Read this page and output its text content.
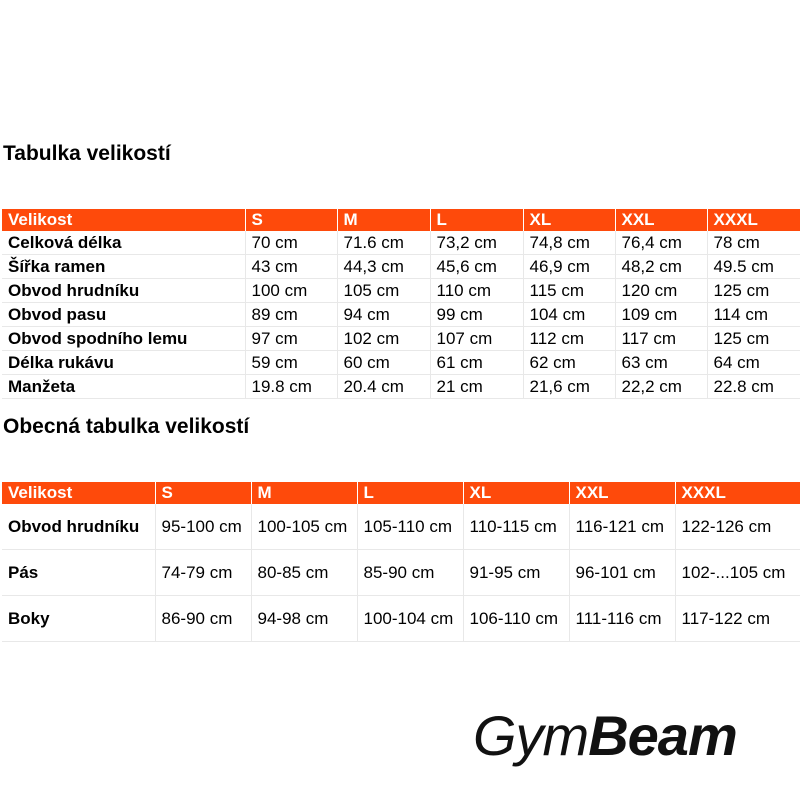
Tabulka velikostí
Velikost	S	M	L	XL	XXL	XXXL
Celková délka	70 cm	71.6 cm	73,2 cm	74,8 cm	76,4 cm	78 cm
Šířka ramen	43 cm	44,3 cm	45,6 cm	46,9 cm	48,2 cm	49.5 cm
Obvod hrudníku	100 cm	105 cm	110 cm	115 cm	120 cm	125 cm
Obvod pasu	89 cm	94 cm	99 cm	104 cm	109 cm	114 cm
Obvod spodního lemu	97 cm	102 cm	107 cm	112 cm	117 cm	125 cm
Délka rukávu	59 cm	60 cm	61 cm	62 cm	63 cm	64 cm
Manžeta	19.8 cm	20.4 cm	21 cm	21,6 cm	22,2 cm	22.8 cm
Obecná tabulka velikostí
Velikost	S	M	L	XL	XXL	XXXL
Obvod hrudníku	95-100 cm	100-105 cm	105-110 cm	110-115 cm	116-121 cm	122-126 cm
Pás	74-79 cm	80-85 cm	85-90 cm	91-95 cm	96-101 cm	102-...105 cm
Boky	86-90 cm	94-98 cm	100-104 cm	106-110 cm	111-116 cm	117-122 cm
GymBeam
